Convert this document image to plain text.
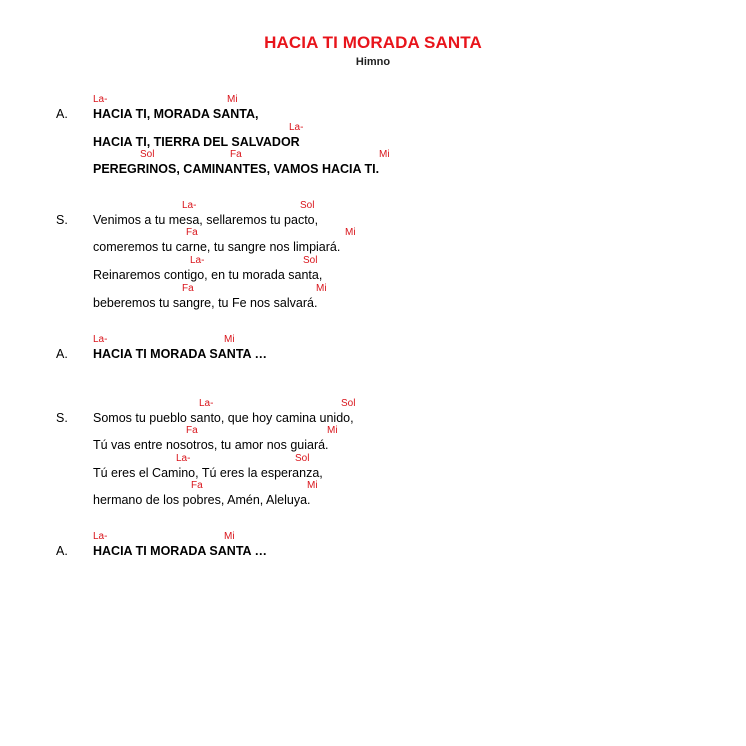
HACIA TI MORADA SANTA
Himno
A.
La-	Mi
HACIA TI, MORADA SANTA,
La-
HACIA TI, TIERRA DEL SALVADOR
Sol	Fa	Mi
PEREGRINOS, CAMINANTES, VAMOS HACIA TI.
S.
La-	Sol
Venimos a tu mesa, sellaremos tu pacto,
Fa	Mi
comeremos tu carne, tu sangre nos limpiará.
La-	Sol
Reinaremos contigo, en tu morada santa,
Fa	Mi
beberemos tu sangre, tu Fe nos salvará.
A.
La-	Mi
HACIA TI MORADA SANTA …
S.
La-	Sol
Somos tu pueblo santo, que hoy camina unido,
Fa	Mi
Tú vas entre nosotros, tu amor nos guiará.
La-	Sol
Tú eres el Camino, Tú eres la esperanza,
Fa	Mi
hermano de los pobres, Amén, Aleluya.
A.
La-	Mi
HACIA TI MORADA SANTA …
